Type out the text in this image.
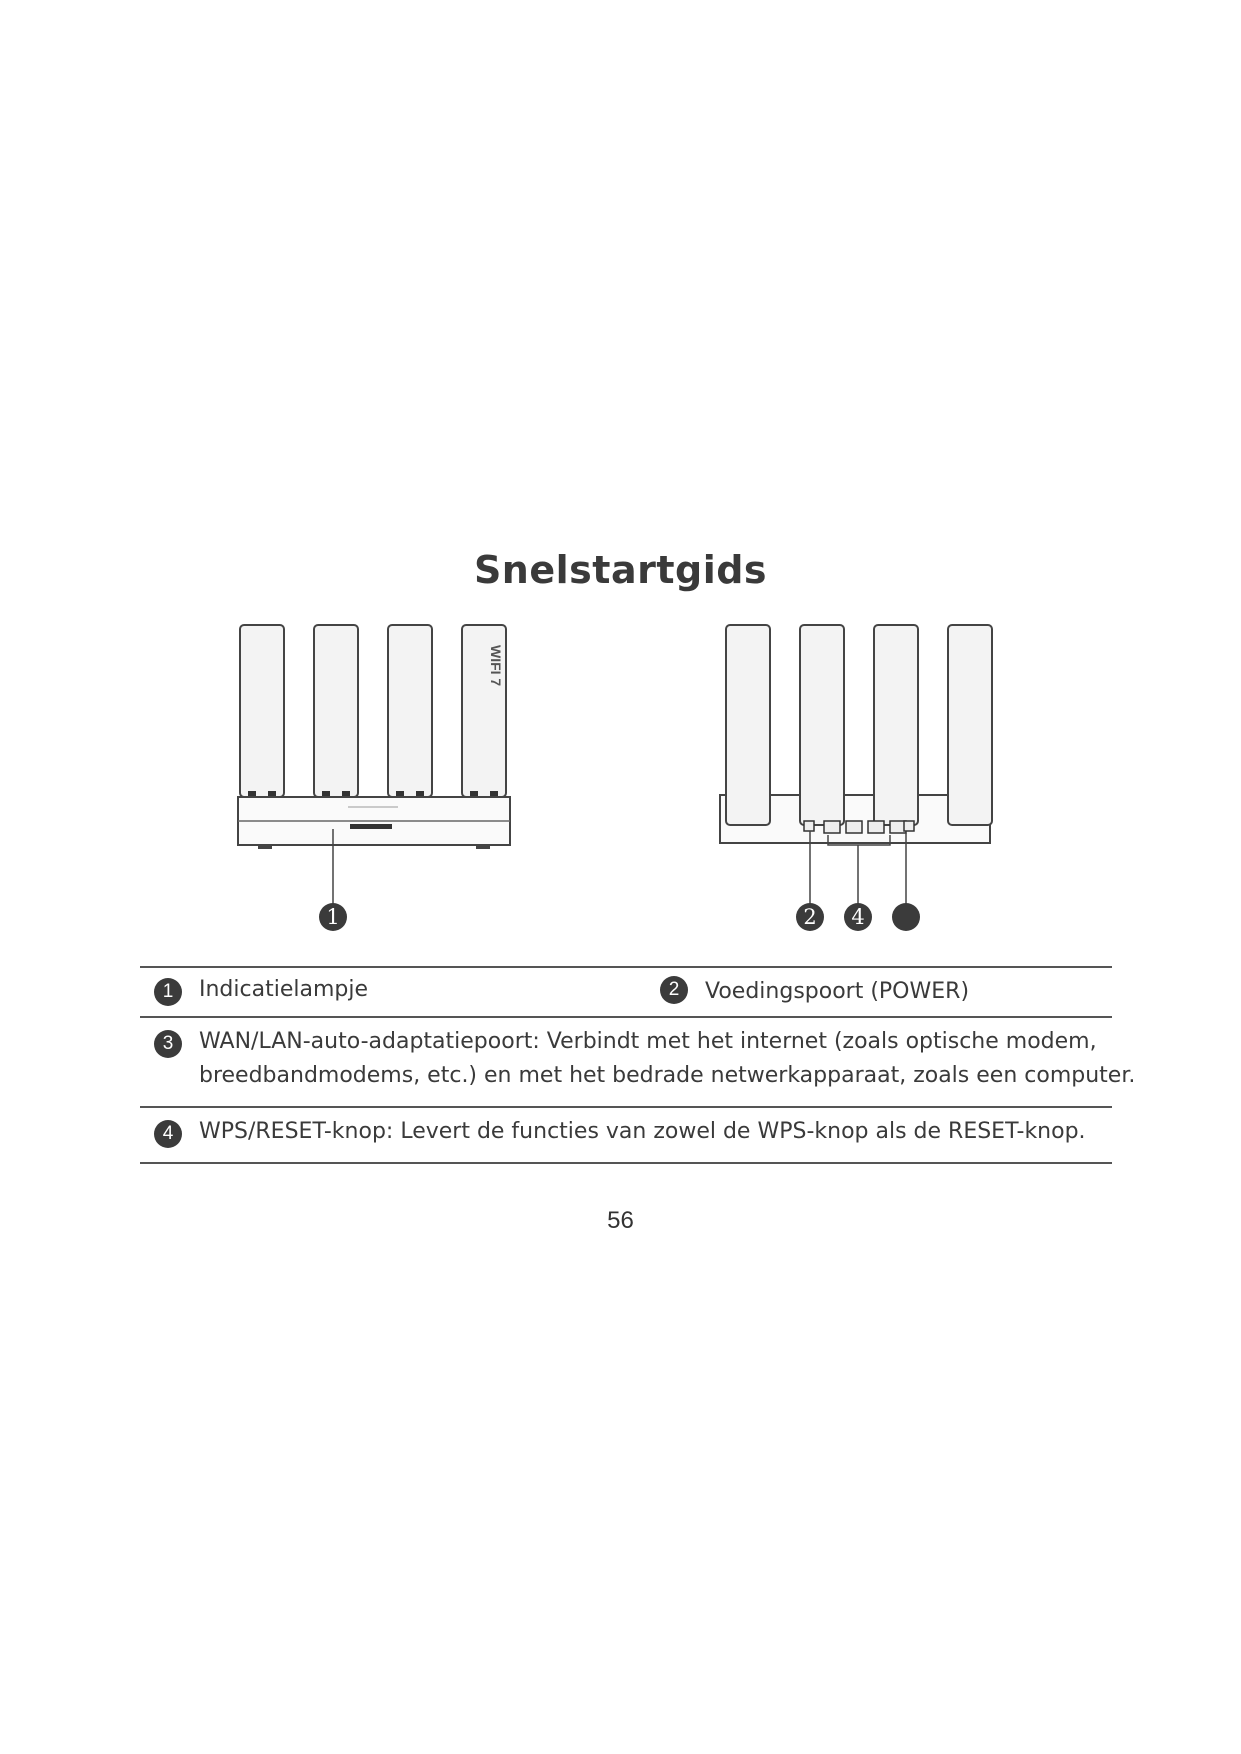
Snelstartgids
WIFI 7
1	2	4
1	Indicatielampje	2	Voedingspoort (POWER)
3	WAN/LAN-auto-adaptatiepoort: Verbindt met het internet (zoals optische modem,
breedbandmodems, etc.) en met het bedrade netwerkapparaat, zoals een computer.
4	WPS/RESET-knop: Levert de functies van zowel de WPS-knop als de RESET-knop.
56
